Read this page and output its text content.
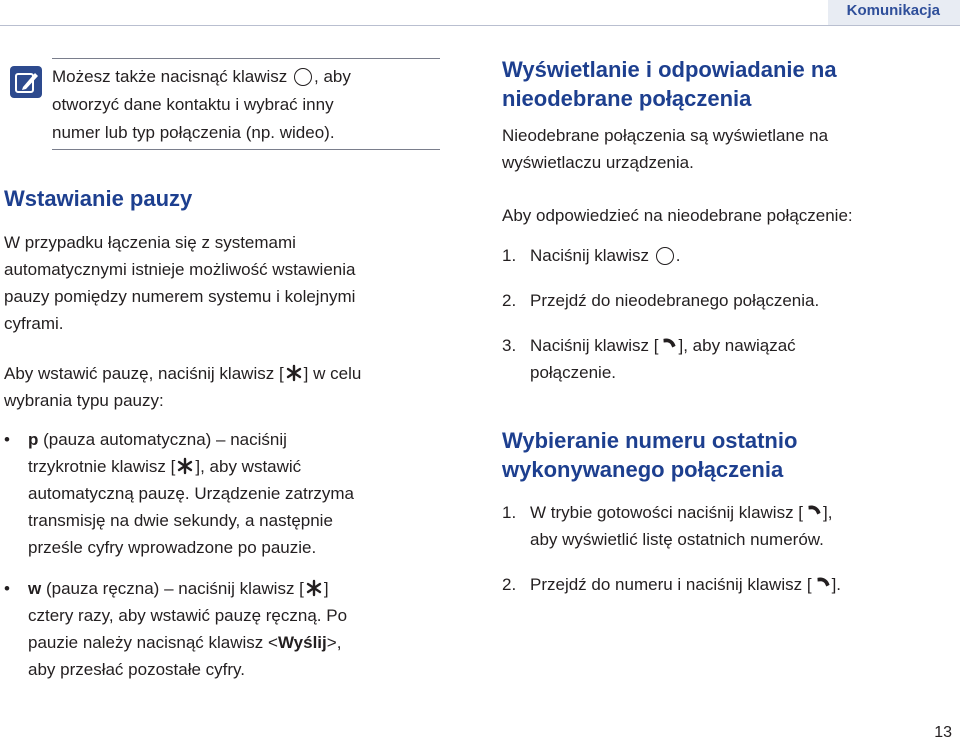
Komunikacja
Możesz także nacisnąć klawisz , aby
otworzyć dane kontaktu i wybrać inny
numer lub typ połączenia (np. wideo).
Wstawianie pauzy
W przypadku łączenia się z systemami
automatycznymi istnieje możliwość wstawienia
pauzy pomiędzy numerem systemu i kolejnymi
cyframi.
Aby wstawić pauzę, naciśnij klawisz [ ] w celu
wybrania typu pauzy:
• p (pauza automatyczna) – naciśnij
trzykrotnie klawisz [ ], aby wstawić
automatyczną pauzę. Urządzenie zatrzyma
transmisję na dwie sekundy, a następnie
prześle cyfry wprowadzone po pauzie.
• w (pauza ręczna) – naciśnij klawisz [ ]
cztery razy, aby wstawić pauzę ręczną. Po
pauzie należy nacisnąć klawisz <Wyślij>,
aby przesłać pozostałe cyfry.
Wyświetlanie i odpowiadanie na
nieodebrane połączenia
Nieodebrane połączenia są wyświetlane na
wyświetlaczu urządzenia.
Aby odpowiedzieć na nieodebrane połączenie:
1. Naciśnij klawisz .
2. Przejdź do nieodebranego połączenia.
3. Naciśnij klawisz [ ], aby nawiązać
połączenie.
Wybieranie numeru ostatnio
wykonywanego połączenia
1. W trybie gotowości naciśnij klawisz [ ],
aby wyświetlić listę ostatnich numerów.
2. Przejdź do numeru i naciśnij klawisz [ ].
13
